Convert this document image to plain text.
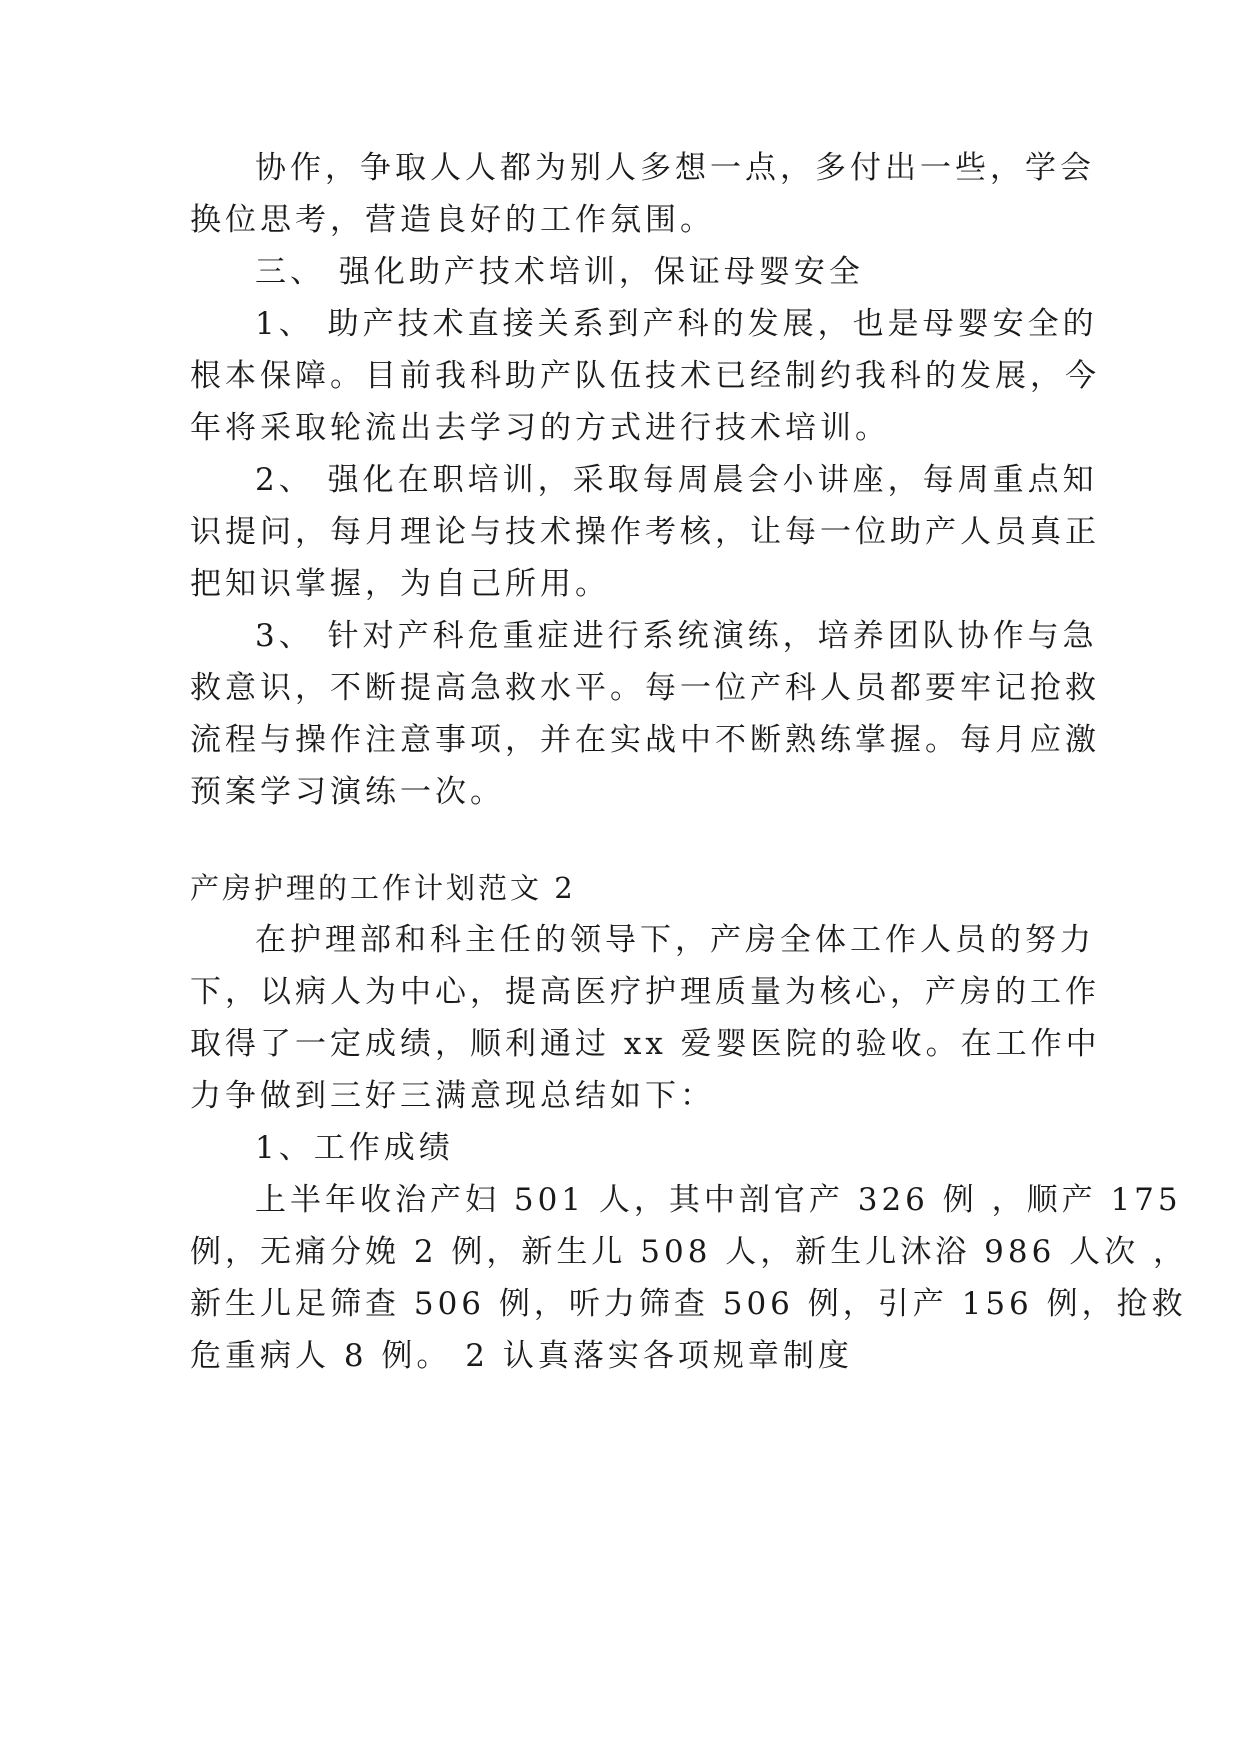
协作，争取人人都为别人多想一点，多付出一些，学会
换位思考，营造良好的工作氛围。
三、 强化助产技术培训，保证母婴安全
1、 助产技术直接关系到产科的发展，也是母婴安全的
根本保障。目前我科助产队伍技术已经制约我科的发展，今
年将采取轮流出去学习的方式进行技术培训。
2、 强化在职培训，采取每周晨会小讲座，每周重点知
识提问，每月理论与技术操作考核，让每一位助产人员真正
把知识掌握，为自己所用。
3、 针对产科危重症进行系统演练，培养团队协作与急
救意识，不断提高急救水平。每一位产科人员都要牢记抢救
流程与操作注意事项，并在实战中不断熟练掌握。每月应激
预案学习演练一次。
产房护理的工作计划范文 2
在护理部和科主任的领导下，产房全体工作人员的努力
下，以病人为中心，提高医疗护理质量为核心，产房的工作
取得了一定成绩，顺利通过 xx 爱婴医院的验收。在工作中
力争做到三好三满意现总结如下：
1、工作成绩
上半年收治产妇 501 人，其中剖官产 326 例 ，顺产 175
例，无痛分娩 2 例，新生儿 508 人，新生儿沐浴 986 人次 ，
新生儿足筛查 506 例，听力筛查 506 例，引产 156 例，抢救
危重病人 8 例。 2 认真落实各项规章制度
